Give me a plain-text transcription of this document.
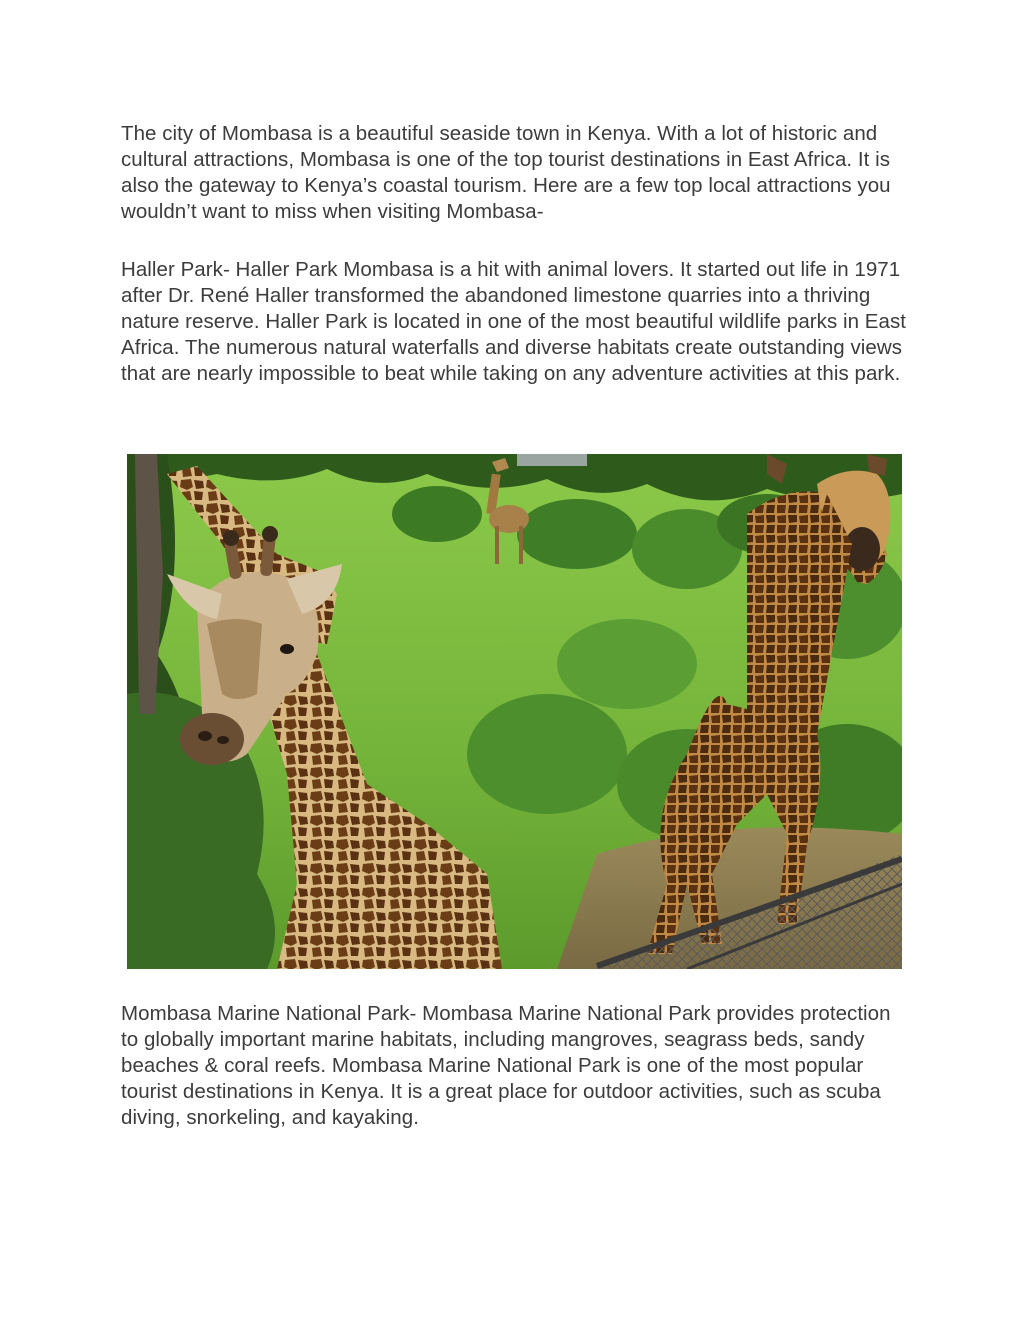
The city of Mombasa is a beautiful seaside town in Kenya. With a lot of historic and cultural attractions, Mombasa is one of the top tourist destinations in East Africa. It is also the gateway to Kenya’s coastal tourism. Here are a few top local attractions you wouldn’t want to miss when visiting Mombasa-

Haller Park- Haller Park Mombasa is a hit with animal lovers. It started out life in 1971 after Dr. René Haller transformed the abandoned limestone quarries into a thriving nature reserve. Haller Park is located in one of the most beautiful wildlife parks in East Africa. The numerous natural waterfalls and diverse habitats create outstanding views that are nearly impossible to beat while taking on any adventure activities at this park.

Mombasa Marine National Park- Mombasa Marine National Park provides protection to globally important marine habitats, including mangroves, seagrass beds, sandy beaches & coral reefs. Mombasa Marine National Park is one of the most popular tourist destinations in Kenya. It is a great place for outdoor activities, such as scuba diving, snorkeling, and kayaking.
